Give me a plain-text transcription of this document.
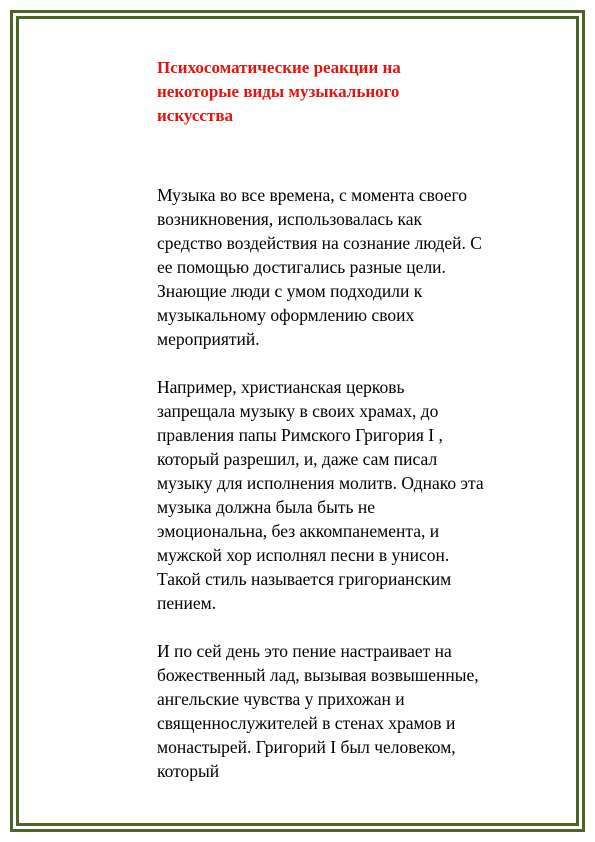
Психосоматические реакции на некоторые виды музыкального искусства

Музыка во все времена, с момента своего возникновения, использовалась как средство воздействия на сознание людей. С ее помощью достигались разные цели. Знающие люди с умом подходили к музыкальному оформлению своих мероприятий.

Например, христианская церковь запрещала музыку в своих храмах, до правления папы Римского Григория I , который разрешил, и, даже сам писал музыку для исполнения молитв. Однако эта музыка должна была быть не эмоциональна, без аккомпанемента, и мужской хор исполнял песни в унисон. Такой стиль называется григорианским пением.

И по сей день это пение настраивает на божественный лад, вызывая возвышенные, ангельские чувства у прихожан и священнослужителей в стенах храмов и монастырей. Григорий I был человеком, который
